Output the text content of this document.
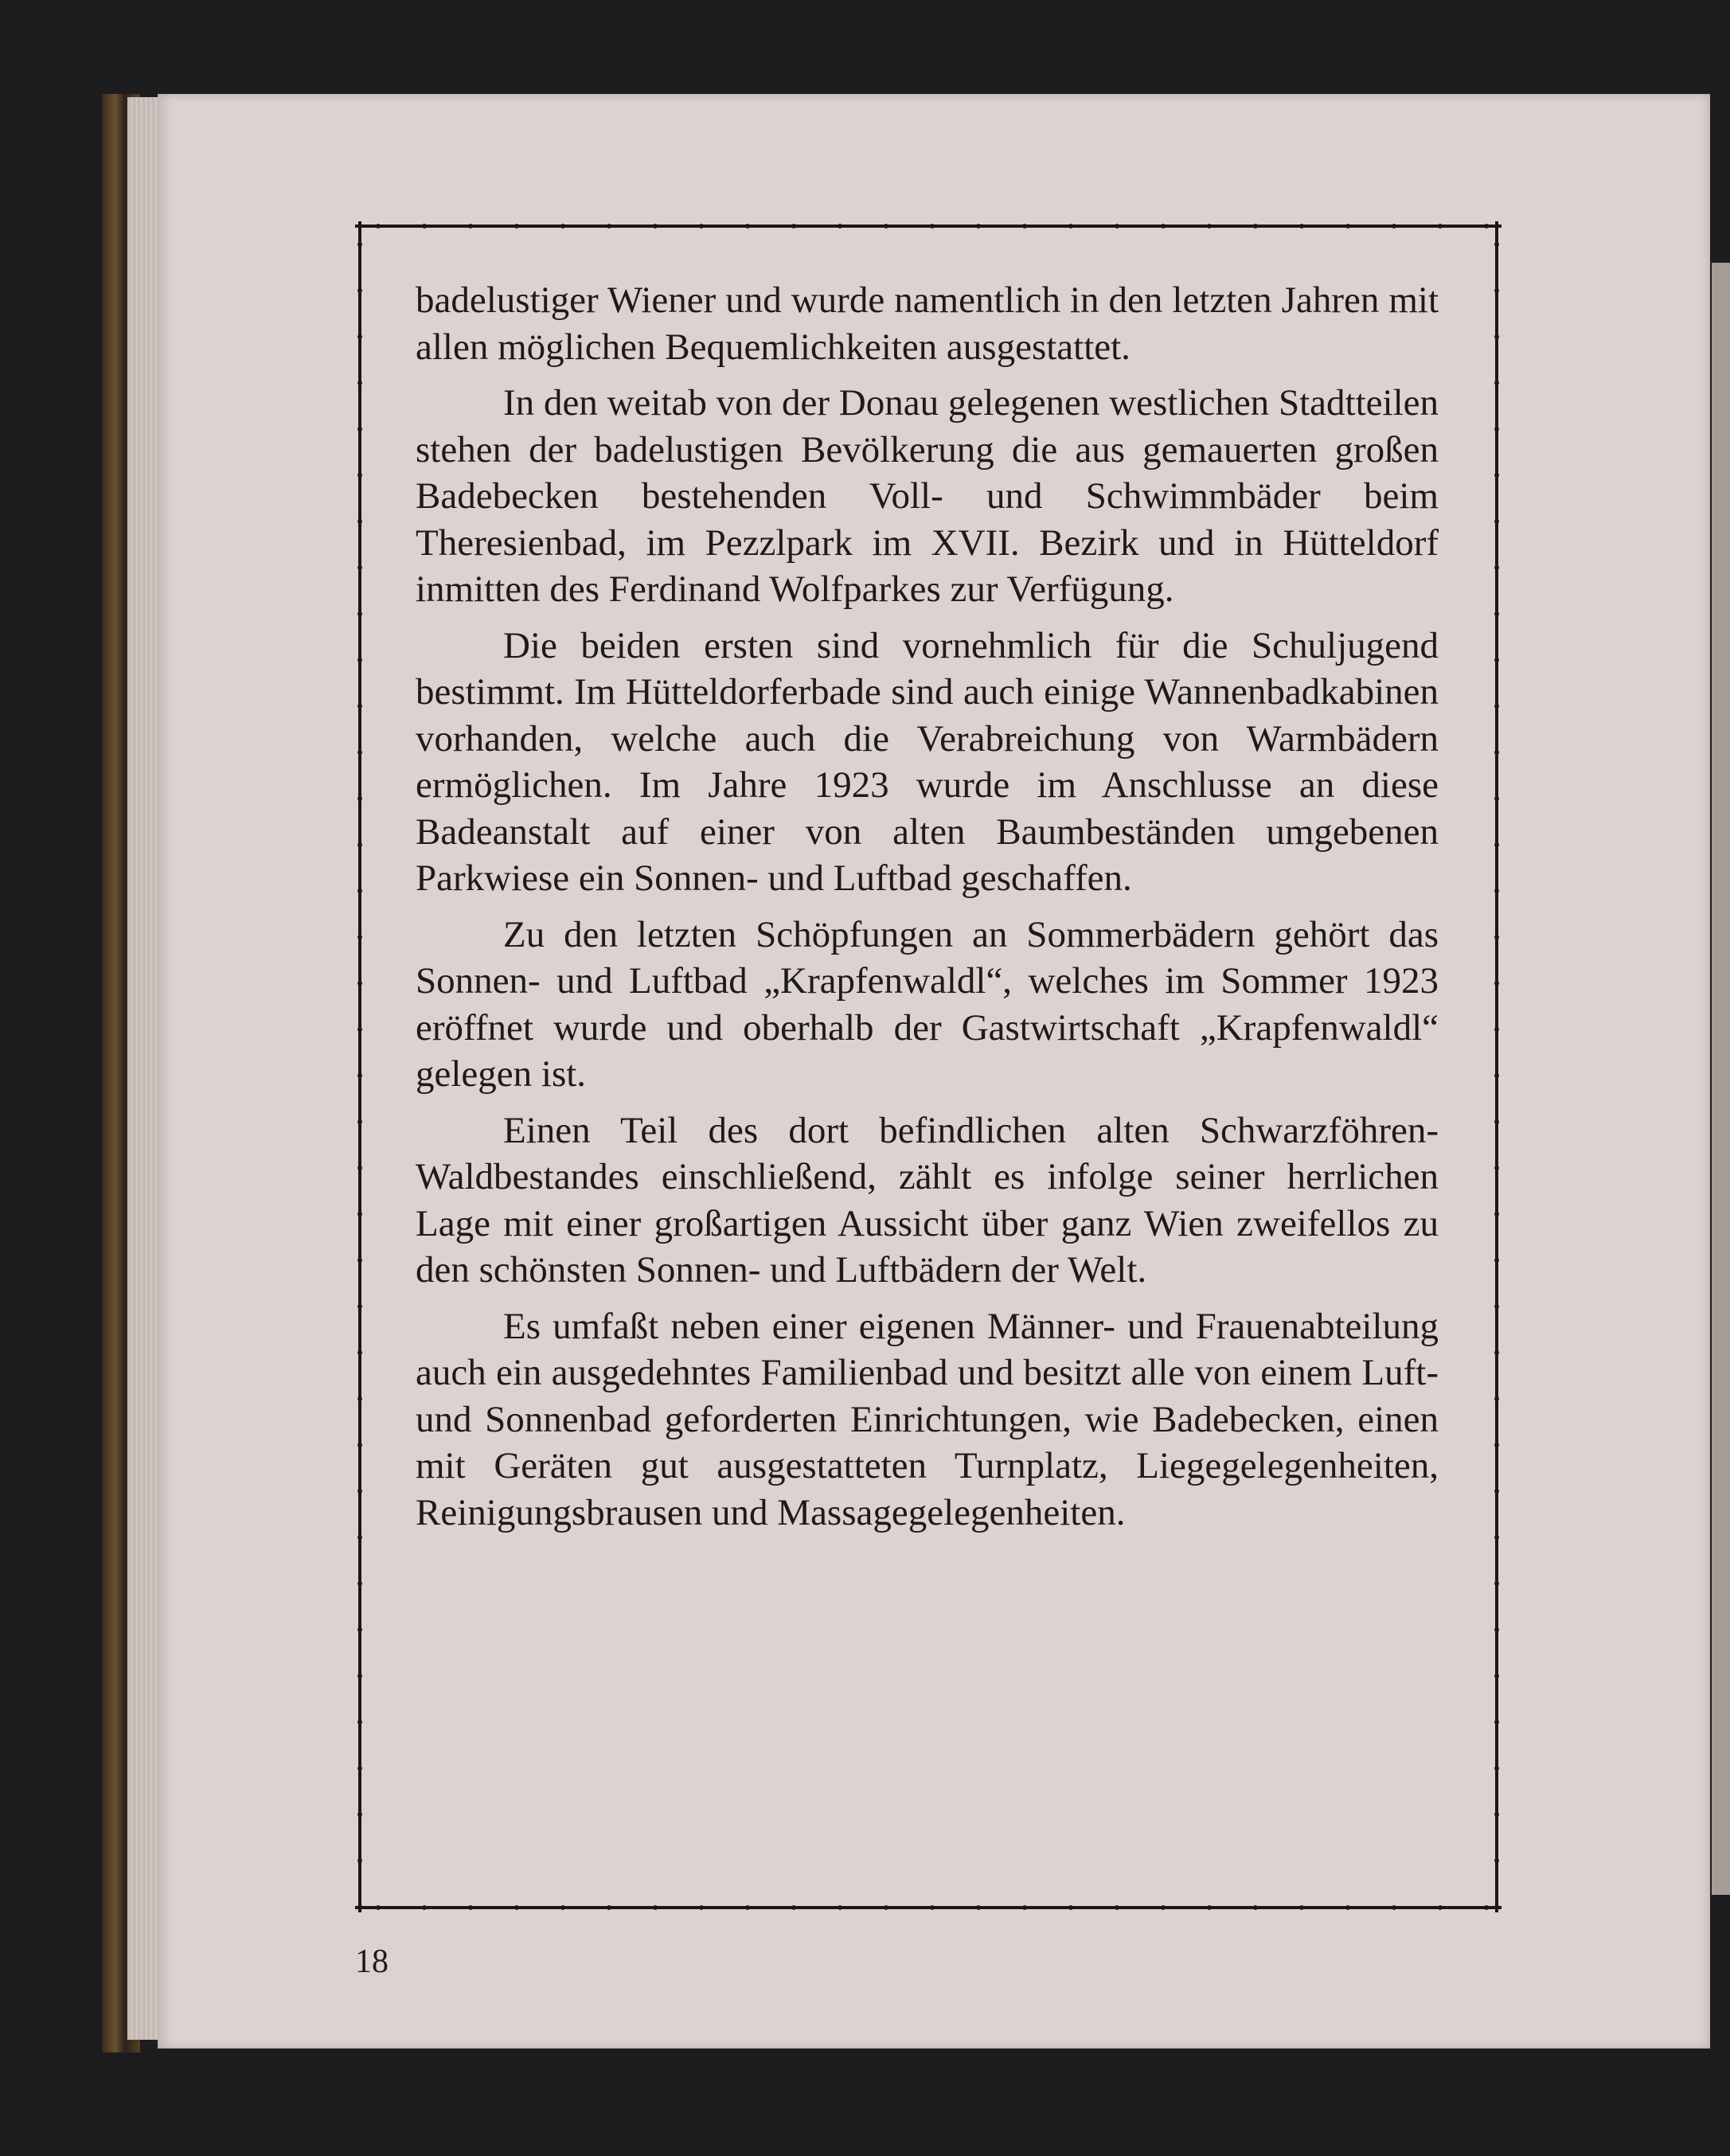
badelustiger Wiener und wurde namentlich in den letzten Jahren mit allen möglichen Bequemlichkeiten ausgestattet.

In den weitab von der Donau gelegenen westlichen Stadtteilen stehen der badelustigen Bevölkerung die aus gemauerten großen Badebecken bestehenden Voll- und Schwimmbäder beim Theresienbad, im Pezzlpark im XVII. Bezirk und in Hütteldorf inmitten des Ferdinand Wolfparkes zur Verfügung.

Die beiden ersten sind vornehmlich für die Schuljugend bestimmt. Im Hütteldorferbade sind auch einige Wannenbadkabinen vorhanden, welche auch die Verabreichung von Warmbädern ermöglichen. Im Jahre 1923 wurde im Anschlusse an diese Badeanstalt auf einer von alten Baumbeständen umgebenen Parkwiese ein Sonnen- und Luftbad geschaffen.

Zu den letzten Schöpfungen an Sommerbädern gehört das Sonnen- und Luftbad „Krapfenwaldl“, welches im Sommer 1923 eröffnet wurde und oberhalb der Gastwirtschaft „Krapfenwaldl“ gelegen ist.

Einen Teil des dort befindlichen alten Schwarzföhren-Waldbestandes einschließend, zählt es infolge seiner herrlichen Lage mit einer großartigen Aussicht über ganz Wien zweifellos zu den schönsten Sonnen- und Luftbädern der Welt.

Es umfaßt neben einer eigenen Männer- und Frauenabteilung auch ein ausgedehntes Familienbad und besitzt alle von einem Luft- und Sonnenbad geforderten Einrichtungen, wie Badebecken, einen mit Geräten gut ausgestatteten Turnplatz, Liegegelegenheiten, Reinigungsbrausen und Massagegelegenheiten.

18
